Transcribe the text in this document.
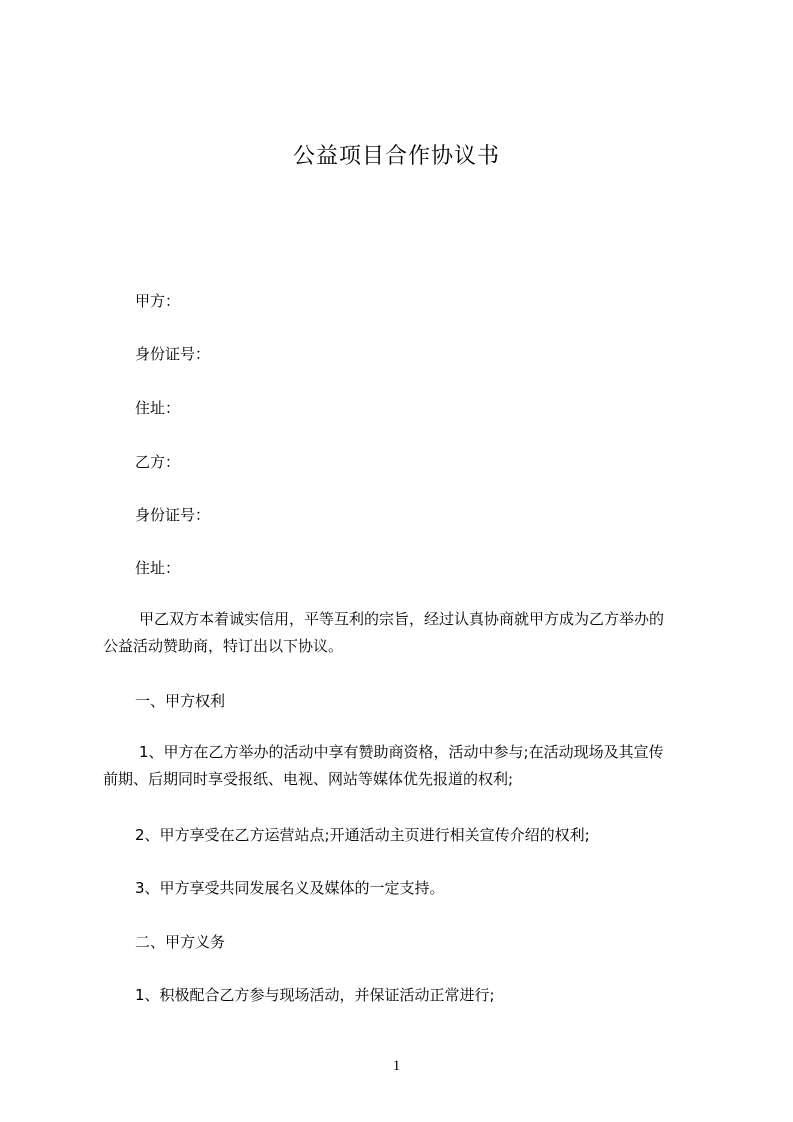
公益项目合作协议书
甲方：
身份证号：
住址：
乙方：
身份证号：
住址：
甲乙双方本着诚实信用，平等互利的宗旨，经过认真协商就甲方成为乙方举办的
公益活动赞助商，特订出以下协议。
一、甲方权利
1、甲方在乙方举办的活动中享有赞助商资格，活动中参与;在活动现场及其宣传
前期、后期同时享受报纸、电视、网站等媒体优先报道的权利;
2、甲方享受在乙方运营站点;开通活动主页进行相关宣传介绍的权利;
3、甲方享受共同发展名义及媒体的一定支持。
二、甲方义务
1、积极配合乙方参与现场活动，并保证活动正常进行;
1
